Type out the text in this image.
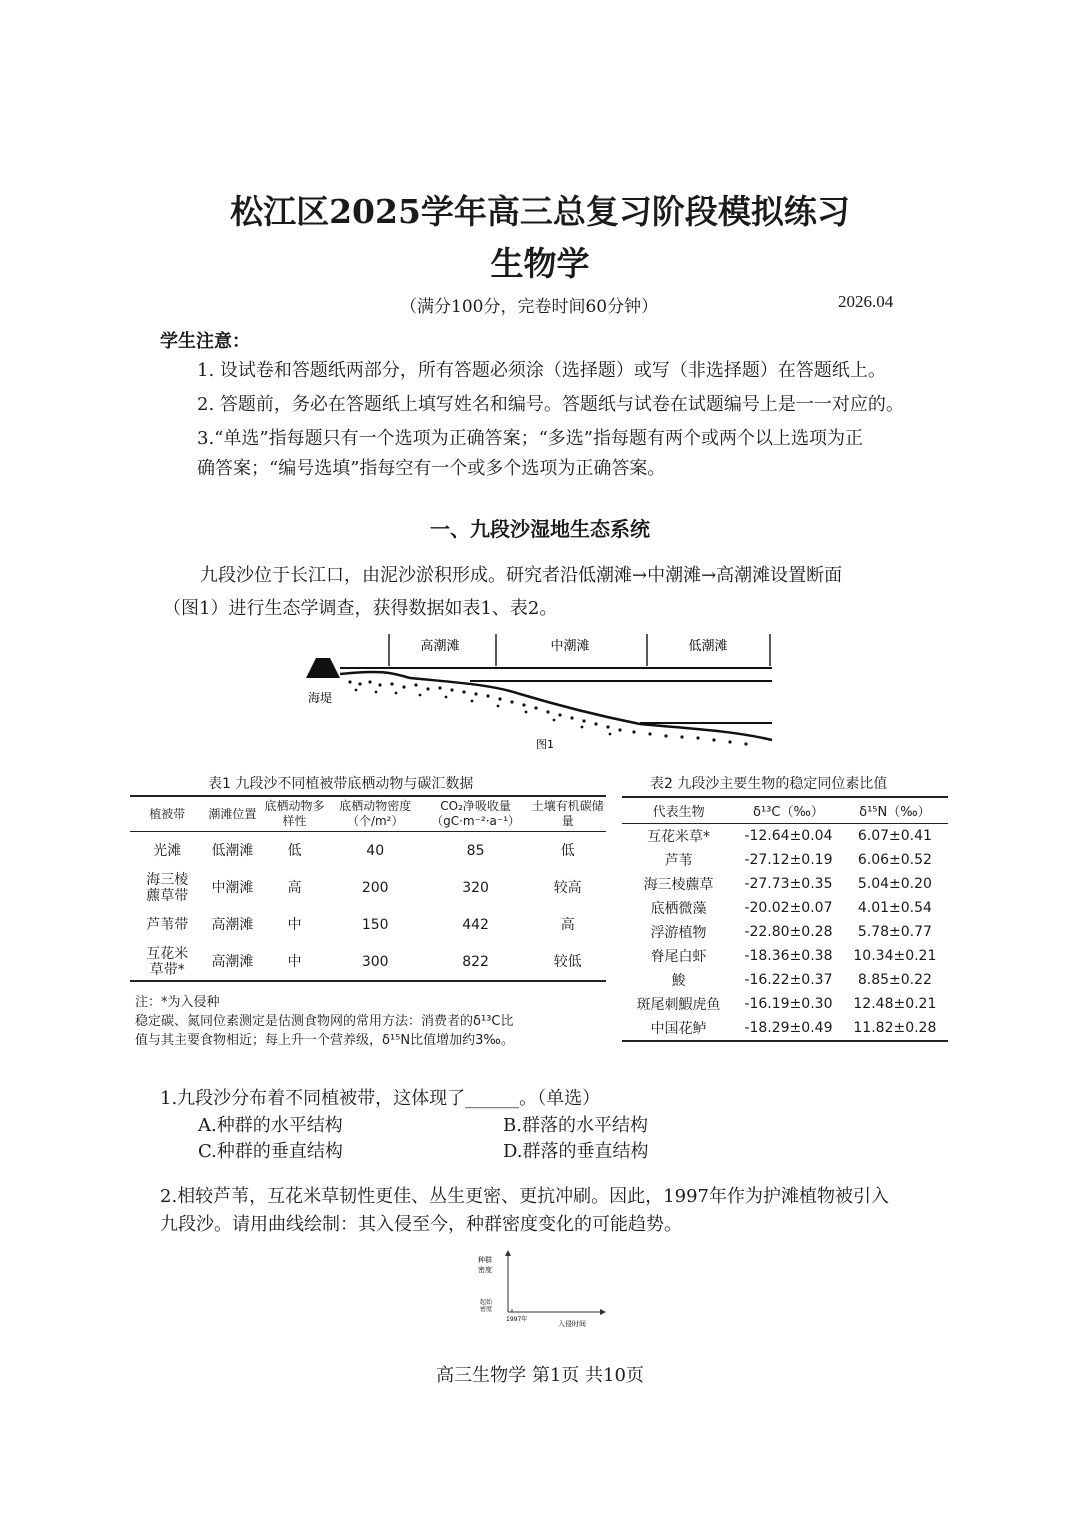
松江区2025学年高三总复习阶段模拟练习
生物学
（满分100分，完卷时间60分钟）	2026.04
学生注意：
1. 设试卷和答题纸两部分，所有答题必须涂（选择题）或写（非选择题）在答题纸上。
2. 答题前，务必在答题纸上填写姓名和编号。答题纸与试卷在试题编号上是一一对应的。
3.“单选”指每题只有一个选项为正确答案；“多选”指每题有两个或两个以上选项为正
确答案；“编号选填”指每空有一个或多个选项为正确答案。
一、九段沙湿地生态系统
九段沙位于长江口，由泥沙淤积形成。研究者沿低潮滩→中潮滩→高潮滩设置断面
（图1）进行生态学调查，获得数据如表1、表2。
高潮滩	中潮滩	低潮滩
海堤
图1
表1 九段沙不同植被带底栖动物与碳汇数据	表2 九段沙主要生物的稳定同位素比值
植被带	潮滩位置	底栖动物多样性	底栖动物密度（个/m²）	CO₂净吸收量（gC·m⁻²·a⁻¹）	土壤有机碳储量
光滩	低潮滩	低	40	85	低
海三棱藨草带	中潮滩	高	200	320	较高
芦苇带	高潮滩	中	150	442	高
互花米草带*	高潮滩	中	300	822	较低
注：*为入侵种
稳定碳、氮同位素测定是估测食物网的常用方法：消费者的δ¹³C比
值与其主要食物相近；每上升一个营养级，δ¹⁵N比值增加约3‰。
代表生物	δ¹³C（‰）	δ¹⁵N（‰）
互花米草*	-12.64±0.04	6.07±0.41
芦苇	-27.12±0.19	6.06±0.52
海三棱藨草	-27.73±0.35	5.04±0.20
底栖微藻	-20.02±0.07	4.01±0.54
浮游植物	-22.80±0.28	5.78±0.77
脊尾白虾	-18.36±0.38	10.34±0.21
鮻	-16.22±0.37	8.85±0.22
斑尾刺鰕虎鱼	-16.19±0.30	12.48±0.21
中国花鲈	-18.29±0.49	11.82±0.28
1.九段沙分布着不同植被带，这体现了______。（单选）
A.种群的水平结构	B.群落的水平结构
C.种群的垂直结构	D.群落的垂直结构
2.相较芦苇，互花米草韧性更佳、丛生更密、更抗冲刷。因此，1997年作为护滩植物被引入
九段沙。请用曲线绘制：其入侵至今，种群密度变化的可能趋势。
种群
密度
起始
密度
1997年
入侵时间
高三生物学 第1页 共10页
